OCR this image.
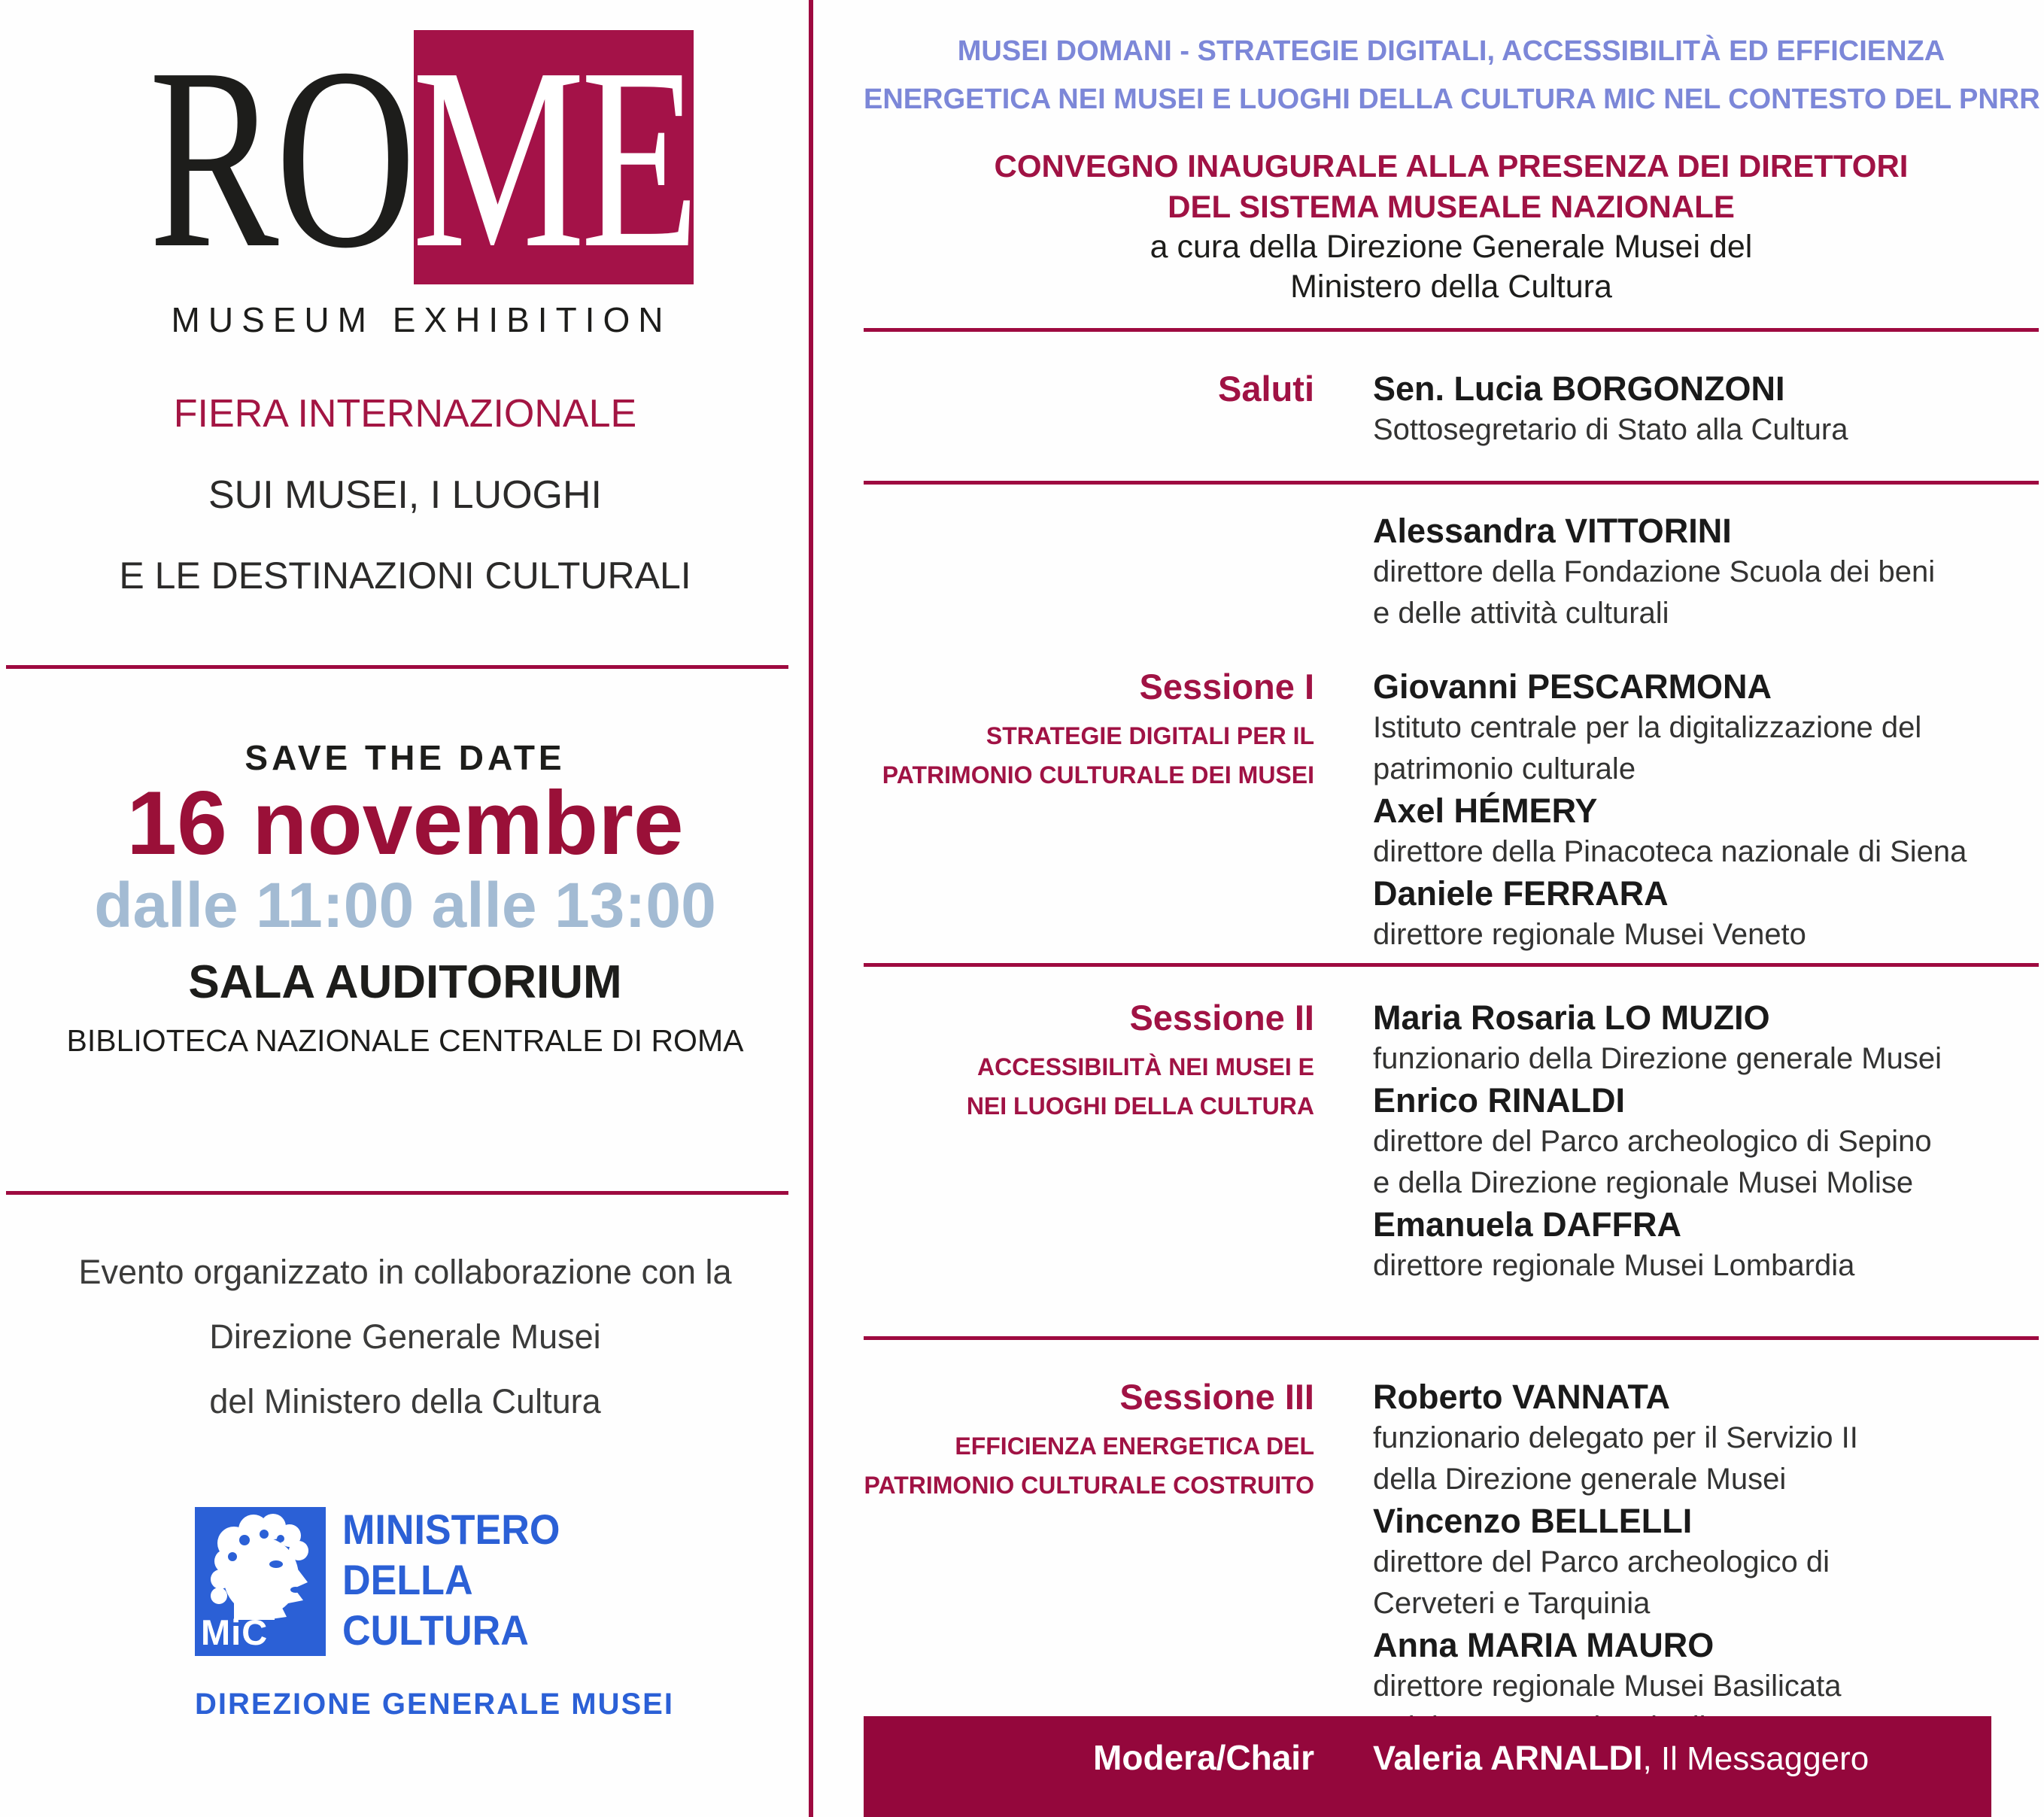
RO ME
MUSEUM EXHIBITION
FIERA INTERNAZIONALE
SUI MUSEI, I LUOGHI
E LE DESTINAZIONI CULTURALI
SAVE THE DATE
16 novembre
dalle 11:00 alle 13:00
SALA AUDITORIUM
BIBLIOTECA NAZIONALE CENTRALE DI ROMA
Evento organizzato in collaborazione con la
Direzione Generale Musei
del Ministero della Cultura
MiC
MINISTERO
DELLA
CULTURA
DIREZIONE GENERALE MUSEI
MUSEI DOMANI - STRATEGIE DIGITALI, ACCESSIBILITÀ ED EFFICIENZA
ENERGETICA NEI MUSEI E LUOGHI DELLA CULTURA MIC NEL CONTESTO DEL PNRR
CONVEGNO INAUGURALE ALLA PRESENZA DEI DIRETTORI
DEL SISTEMA MUSEALE NAZIONALE
a cura della Direzione Generale Musei del
Ministero della Cultura
Saluti Sen. Lucia BORGONZONI
Sottosegretario di Stato alla Cultura
Alessandra VITTORINI
direttore della Fondazione Scuola dei beni
e delle attività culturali
Sessione I
STRATEGIE DIGITALI PER IL
PATRIMONIO CULTURALE DEI MUSEI
Giovanni PESCARMONA
Istituto centrale per la digitalizzazione del
patrimonio culturale
Axel HÉMERY
direttore della Pinacoteca nazionale di Siena
Daniele FERRARA
direttore regionale Musei Veneto
Sessione II
ACCESSIBILITÀ NEI MUSEI E
NEI LUOGHI DELLA CULTURA
Maria Rosaria LO MUZIO
funzionario della Direzione generale Musei
Enrico RINALDI
direttore del Parco archeologico di Sepino
e della Direzione regionale Musei Molise
Emanuela DAFFRA
direttore regionale Musei Lombardia
Sessione III
EFFICIENZA ENERGETICA DEL
PATRIMONIO CULTURALE COSTRUITO
Roberto VANNATA
funzionario delegato per il Servizio II
della Direzione generale Musei
Vincenzo BELLELLI
direttore del Parco archeologico di
Cerveteri e Tarquinia
Anna MARIA MAURO
direttore regionale Musei Basilicata
Modera/Chair Valeria ARNALDI, Il Messaggero
